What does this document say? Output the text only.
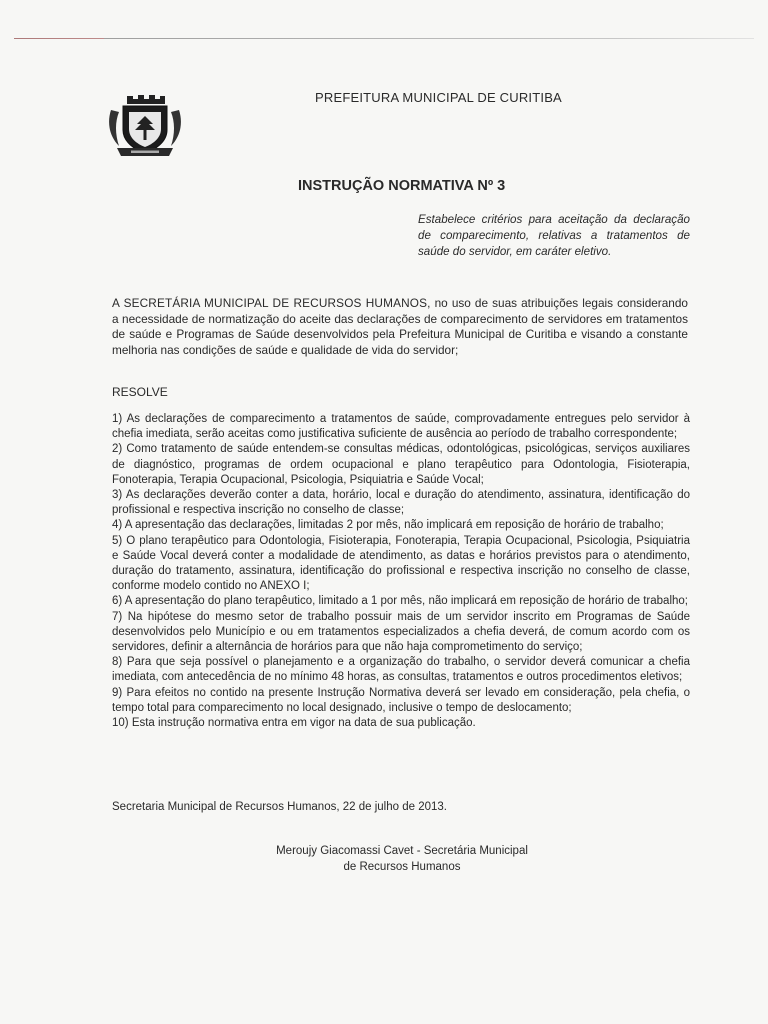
PREFEITURA MUNICIPAL DE CURITIBA
INSTRUÇÃO NORMATIVA Nº 3
Estabelece critérios para aceitação da declaração de comparecimento, relativas a tratamentos de saúde do servidor, em caráter eletivo.
A SECRETÁRIA MUNICIPAL DE RECURSOS HUMANOS, no uso de suas atribuições legais considerando a necessidade de normatização do aceite das declarações de comparecimento de servidores em tratamentos de saúde e Programas de Saúde desenvolvidos pela Prefeitura Municipal de Curitiba e visando a constante melhoria nas condições de saúde e qualidade de vida do servidor;
RESOLVE

1) As declarações de comparecimento a tratamentos de saúde, comprovadamente entregues pelo servidor à chefia imediata, serão aceitas como justificativa suficiente de ausência ao período de trabalho correspondente;

2) Como tratamento de saúde entendem-se consultas médicas, odontológicas, psicológicas, serviços auxiliares de diagnóstico, programas de ordem ocupacional e plano terapêutico para Odontologia, Fisioterapia, Fonoterapia, Terapia Ocupacional, Psicologia, Psiquiatria e Saúde Vocal;

3) As declarações deverão conter a data, horário, local e duração do atendimento, assinatura, identificação do profissional e respectiva inscrição no conselho de classe;

4) A apresentação das declarações, limitadas 2 por mês, não implicará em reposição de horário de trabalho;

5) O plano terapêutico para Odontologia, Fisioterapia, Fonoterapia, Terapia Ocupacional, Psicologia, Psiquiatria e Saúde Vocal deverá conter a modalidade de atendimento, as datas e horários previstos para o atendimento, duração do tratamento, assinatura, identificação do profissional e respectiva inscrição no conselho de classe, conforme modelo contido no ANEXO I;

6) A apresentação do plano terapêutico, limitado a 1 por mês, não implicará em reposição de horário de trabalho;

7) Na hipótese do mesmo setor de trabalho possuir mais de um servidor inscrito em Programas de Saúde desenvolvidos pelo Município e ou em tratamentos especializados a chefia deverá, de comum acordo com os servidores, definir a alternância de horários para que não haja comprometimento do serviço;

8) Para que seja possível o planejamento e a organização do trabalho, o servidor deverá comunicar a chefia imediata, com antecedência de no mínimo 48 horas, as consultas, tratamentos e outros procedimentos eletivos;

9) Para efeitos no contido na presente Instrução Normativa deverá ser levado em consideração, pela chefia, o tempo total para comparecimento no local designado, inclusive o tempo de deslocamento;

10) Esta instrução normativa entra em vigor na data de sua publicação.

Secretaria Municipal de Recursos Humanos, 22 de julho de 2013.
Meroujy Giacomassi Cavet - Secretária Municipal
de Recursos Humanos
